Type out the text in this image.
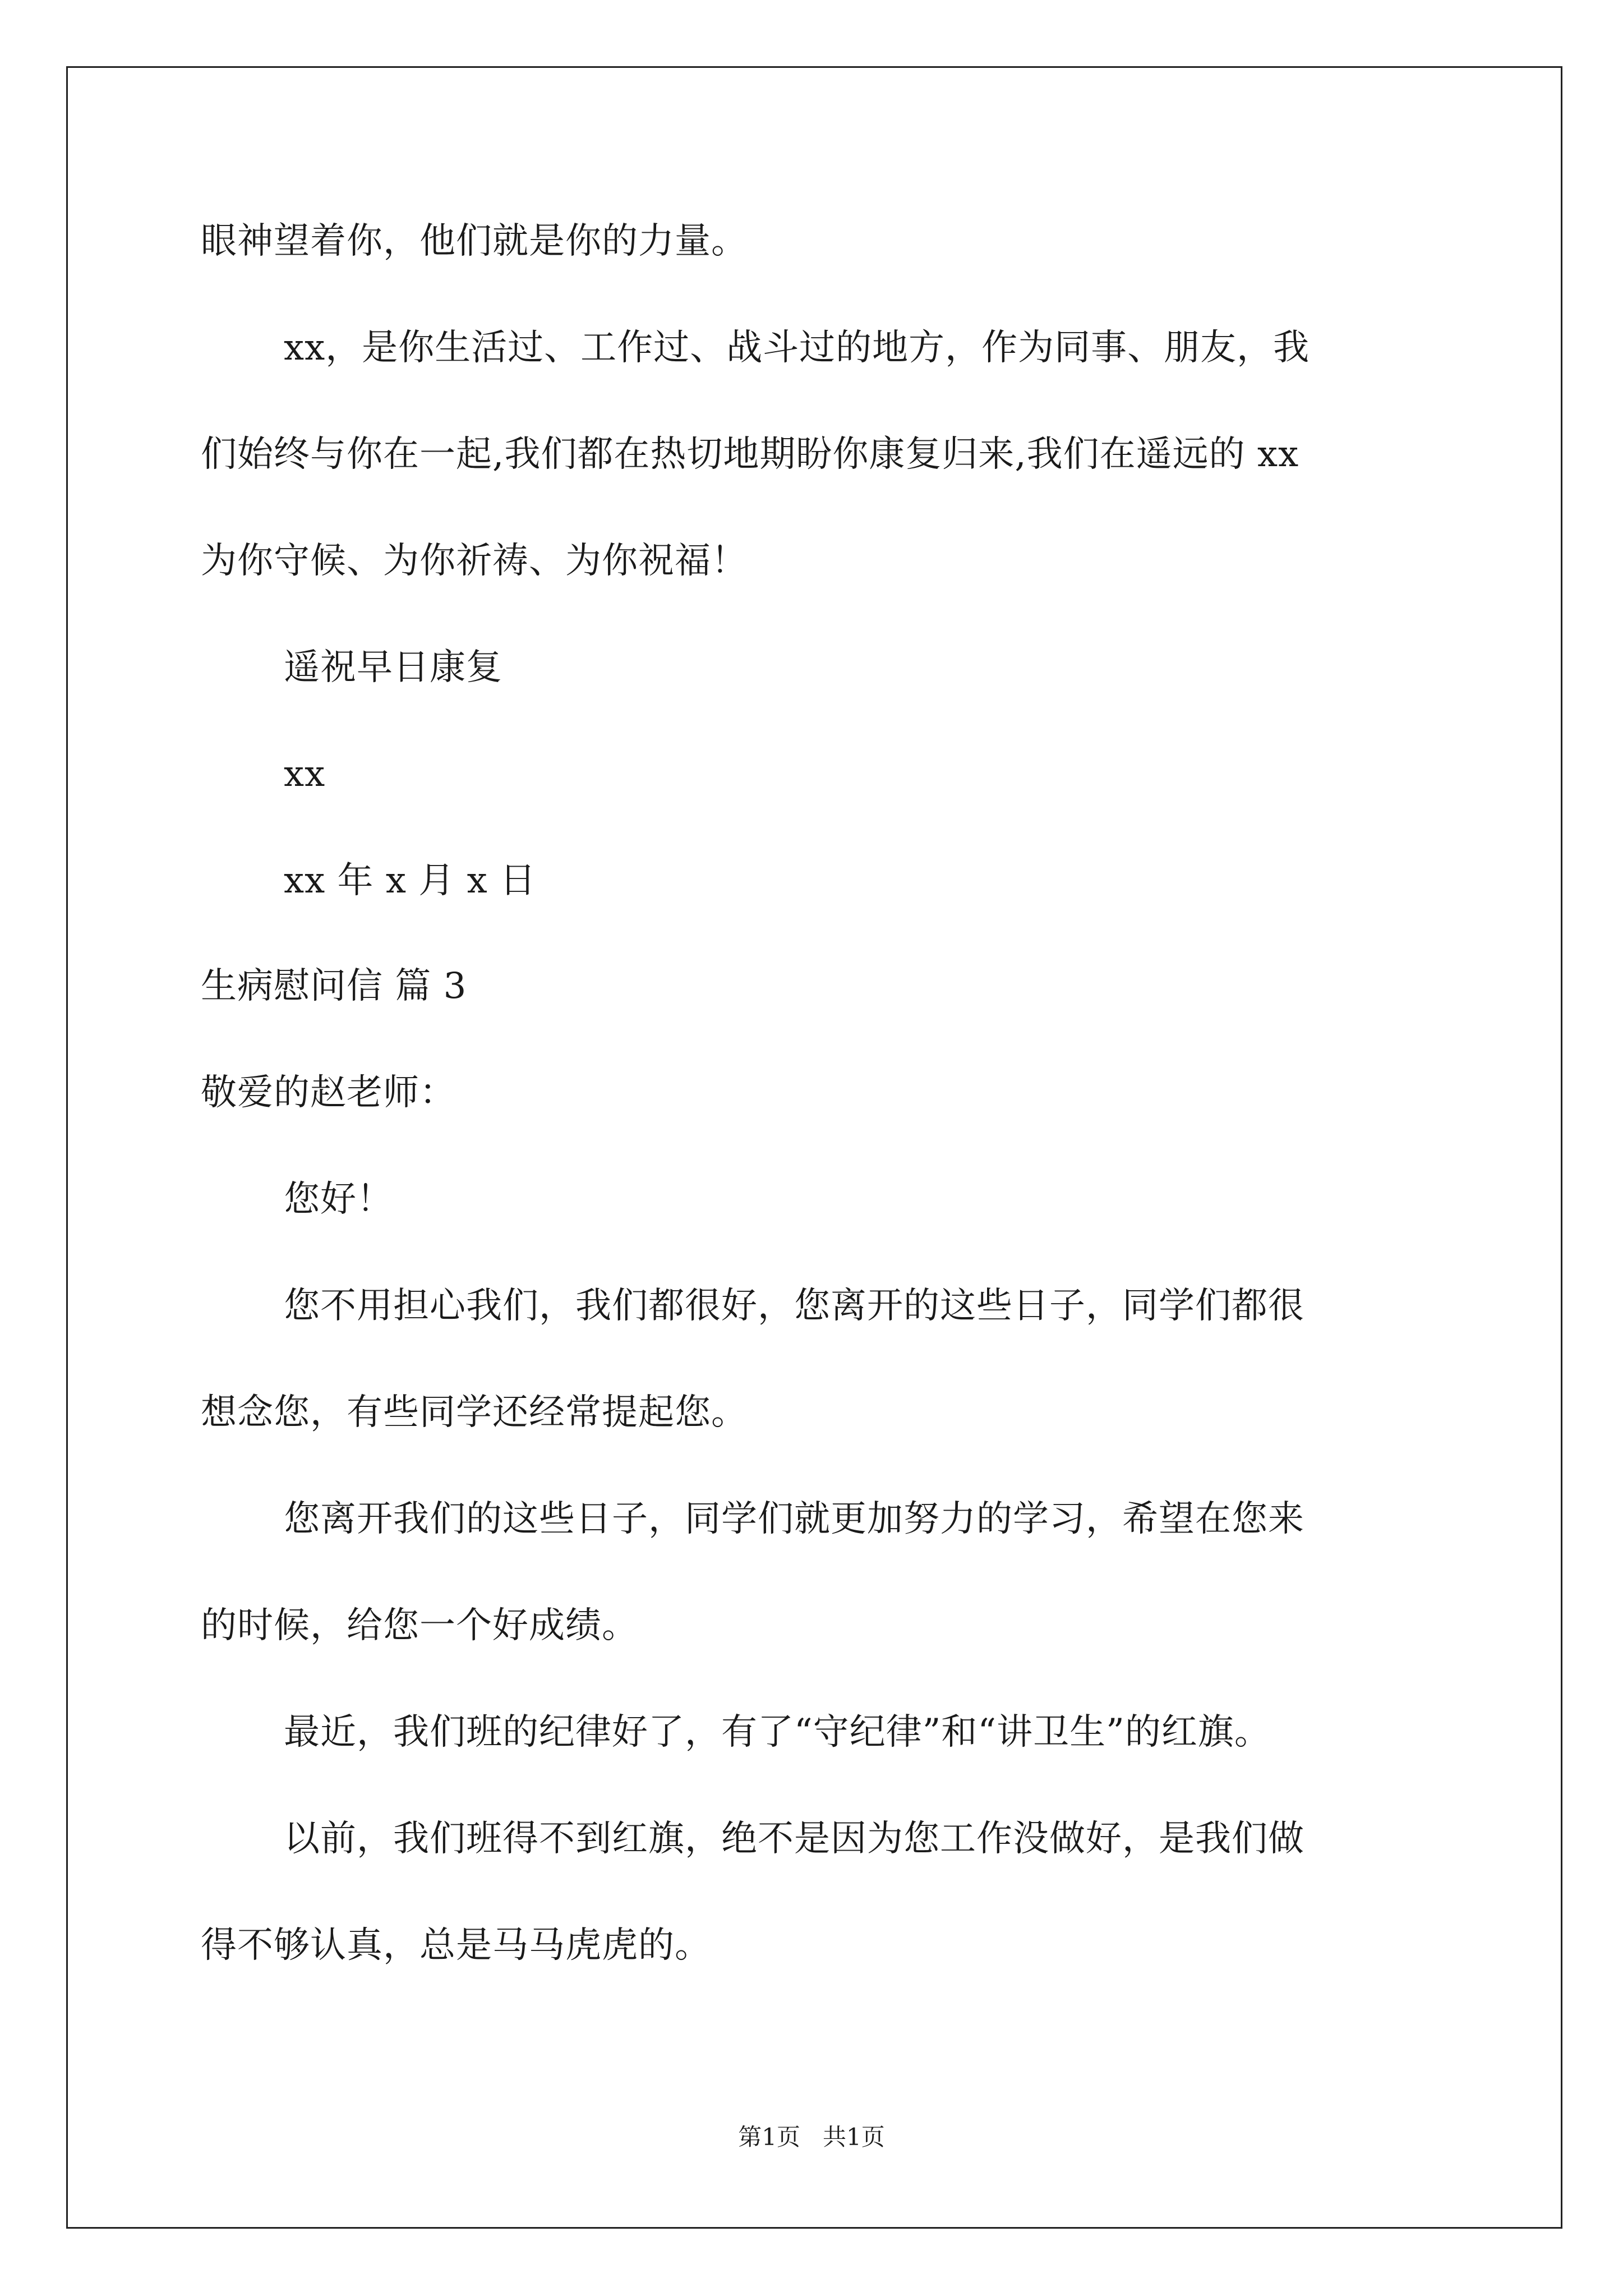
眼神望着你，他们就是你的力量。
xx，是你生活过、工作过、战斗过的地方，作为同事、朋友，我
们始终与你在一起,我们都在热切地期盼你康复归来,我们在遥远的 xx
为你守候、为你祈祷、为你祝福！
遥祝早日康复
xx
xx 年 x 月 x 日
生病慰问信 篇 3
敬爱的赵老师：
您好！
您不用担心我们，我们都很好，您离开的这些日子，同学们都很
想念您，有些同学还经常提起您。
您离开我们的这些日子，同学们就更加努力的学习，希望在您来
的时候，给您一个好成绩。
最近，我们班的纪律好了，有了“守纪律”和“讲卫生”的红旗。
以前，我们班得不到红旗，绝不是因为您工作没做好，是我们做
得不够认真，总是马马虎虎的。
第1页 共1页
